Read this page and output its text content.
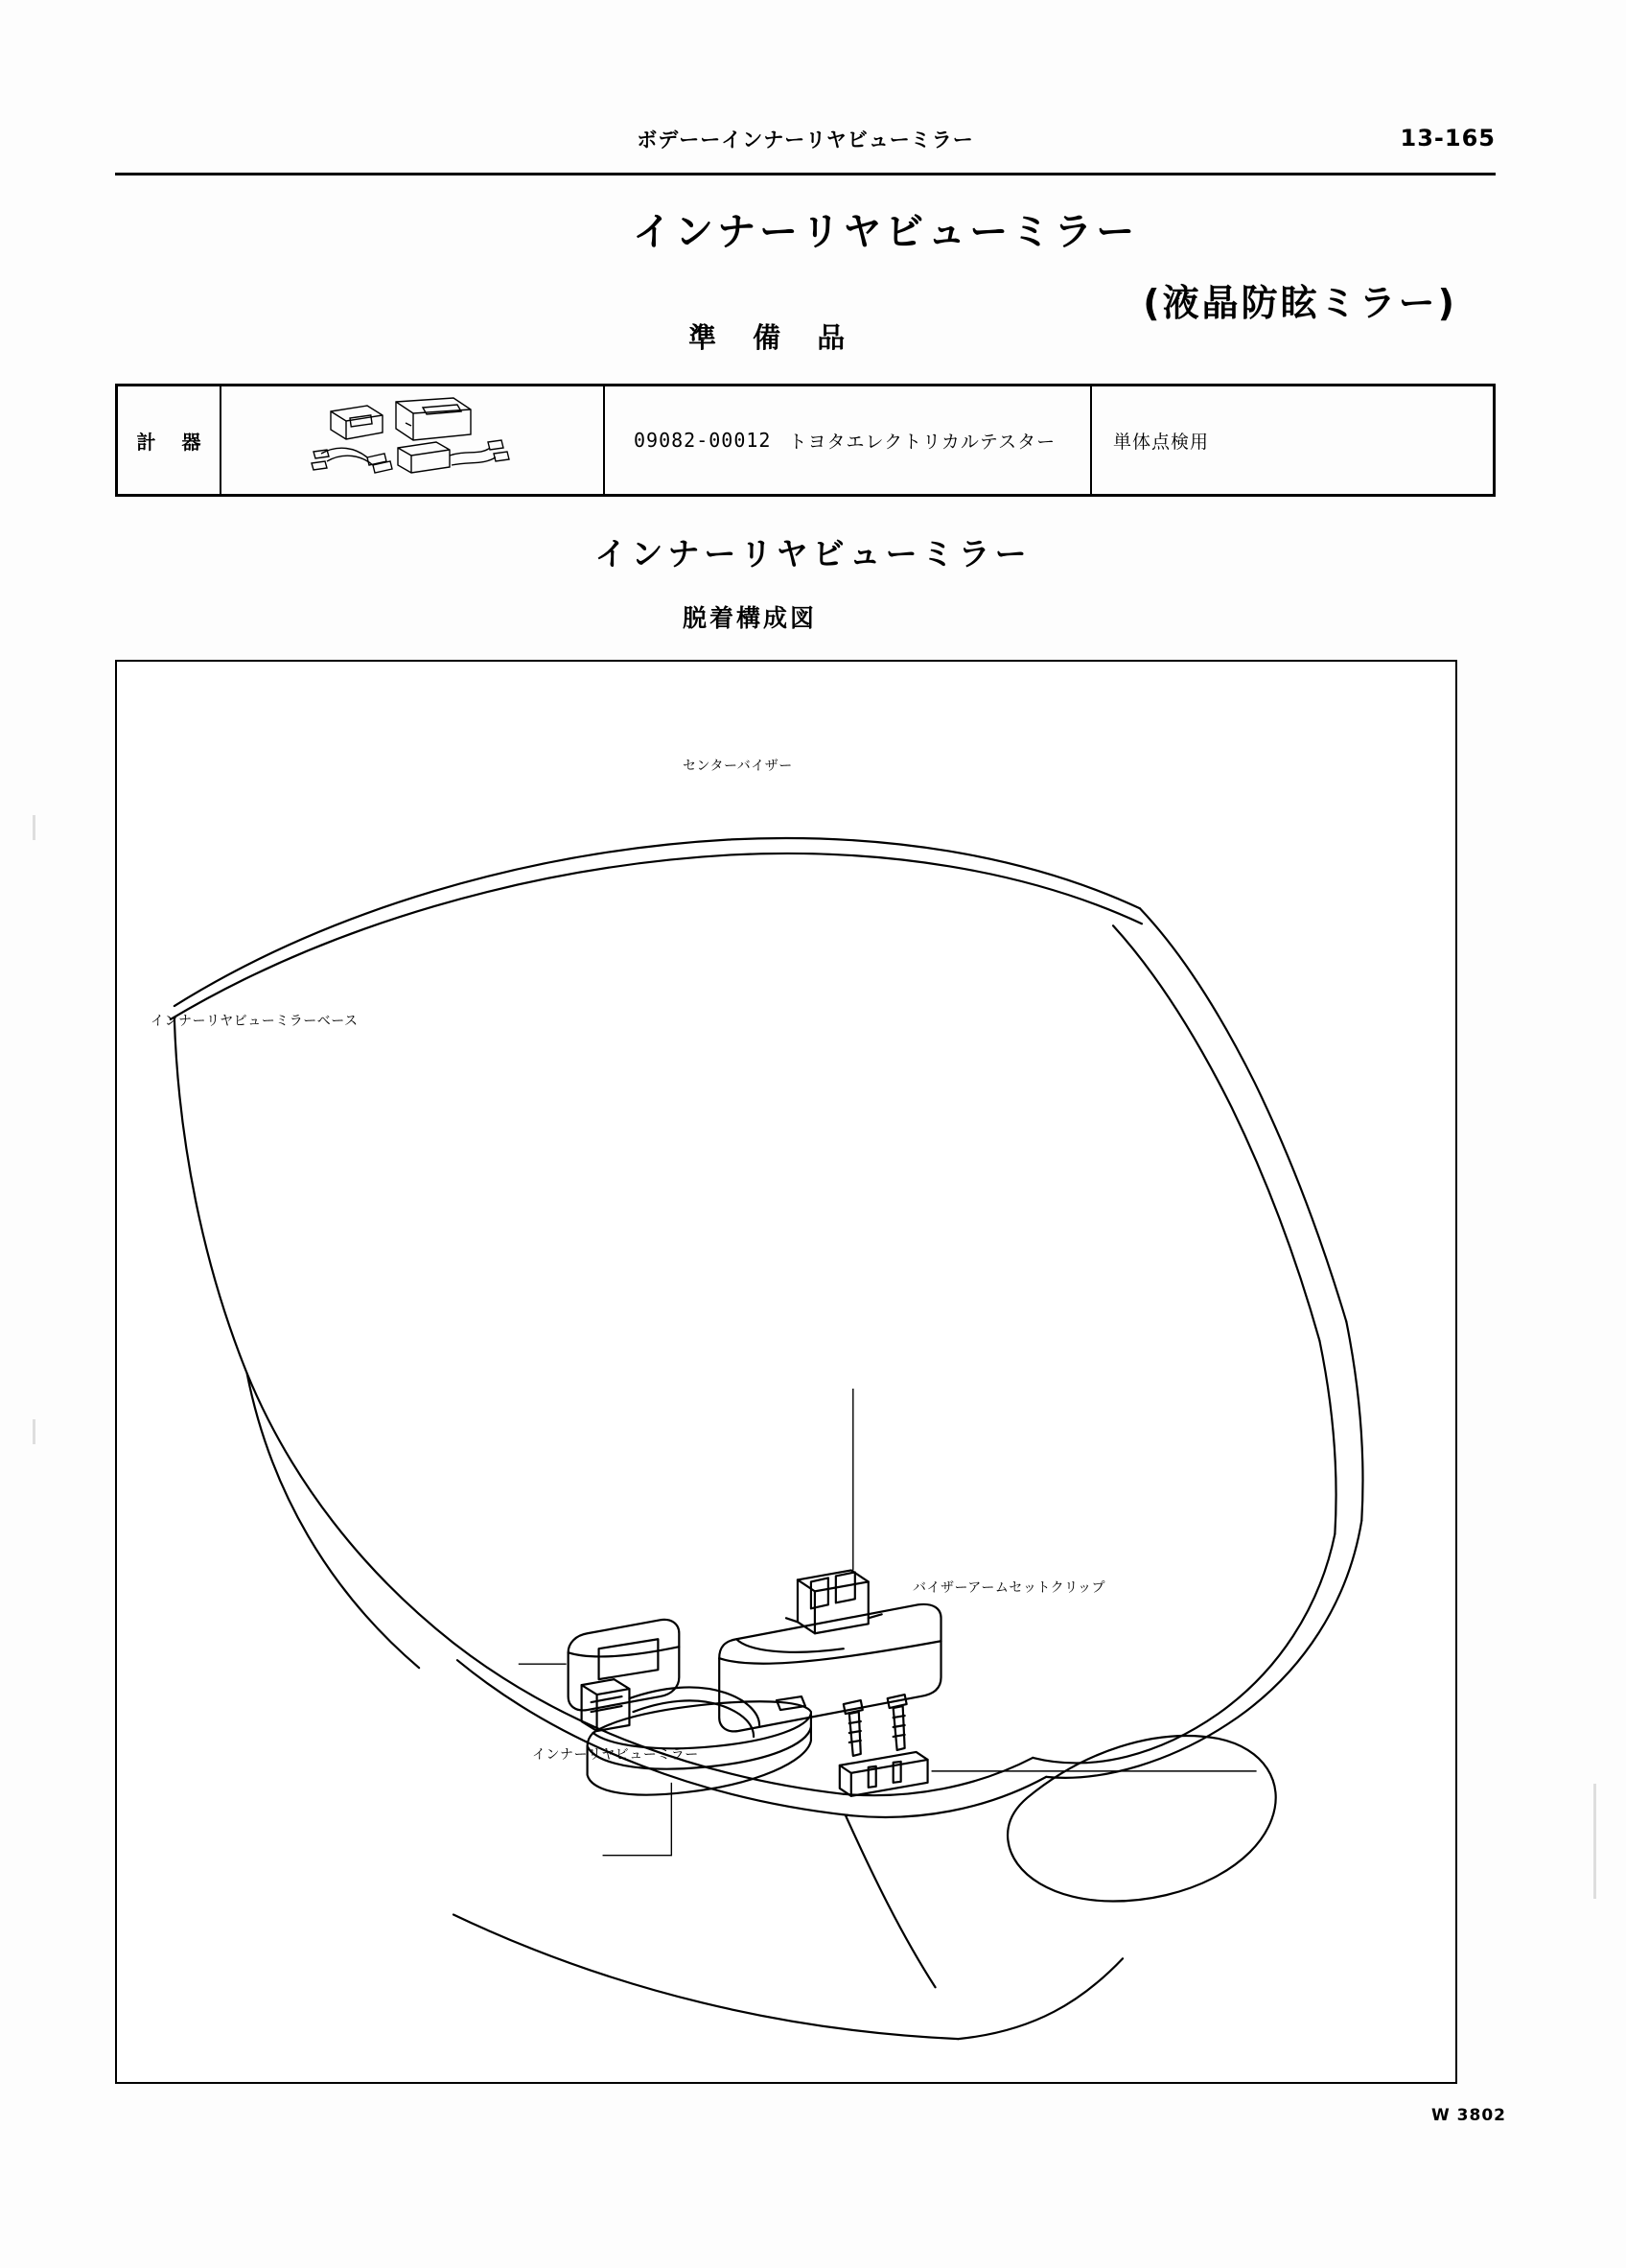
ボデーーインナーリヤビューミラー	13-165
インナーリヤビューミラー
(液晶防眩ミラー)
準 備 品
計 器	09082-00012 トヨタエレクトリカルテスター	単体点検用
インナーリヤビューミラー
脱着構成図
センターバイザー
インナーリヤビューミラーベース
バイザーアームセットクリップ
インナーリヤビューミラー
W 3802
